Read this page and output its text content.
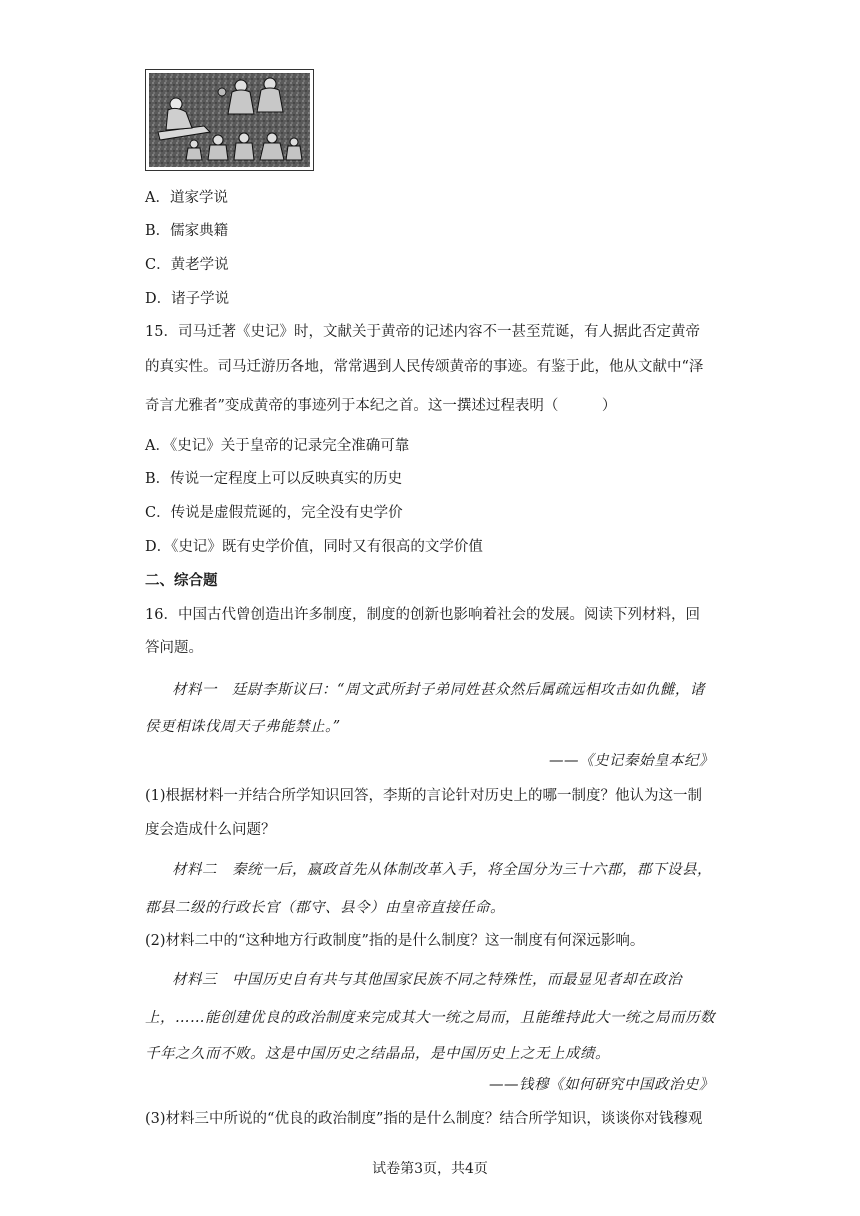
A．道家学说
B．儒家典籍
C．黄老学说
D．诸子学说
15．司马迁著《史记》时，文献关于黄帝的记述内容不一甚至荒诞，有人据此否定黄帝
的真实性。司马迁游历各地，常常遇到人民传颂黄帝的事迹。有鉴于此，他从文献中“泽
奇言尤雅者”变成黄帝的事迹列于本纪之首。这一撰述过程表明（　　　）
A．《史记》关于皇帝的记录完全准确可靠
B．传说一定程度上可以反映真实的历史
C．传说是虚假荒诞的，完全没有史学价
D．《史记》既有史学价值，同时又有很高的文学价值
二、综合题
16．中国古代曾创造出许多制度，制度的创新也影响着社会的发展。阅读下列材料，回
答问题。
材料一　廷尉李斯议曰：“周文武所封子弟同姓甚众然后属疏远相攻击如仇雠，诸
侯更相诛伐周天子弗能禁止。”
——《史记秦始皇本纪》
(1)根据材料一并结合所学知识回答，李斯的言论针对历史上的哪一制度？他认为这一制
度会造成什么问题？
材料二　秦统一后，嬴政首先从体制改革入手，将全国分为三十六郡，郡下设县，
郡县二级的行政长官（郡守、县令）由皇帝直接任命。
(2)材料二中的“这种地方行政制度”指的是什么制度？这一制度有何深远影响。
材料三　中国历史自有共与其他国家民族不同之特殊性，而最显见者却在政治
上，……能创建优良的政治制度来完成其大一统之局而，且能维持此大一统之局而历数
千年之久而不败。这是中国历史之结晶品，是中国历史上之无上成绩。
——钱穆《如何研究中国政治史》
(3)材料三中所说的“优良的政治制度”指的是什么制度？结合所学知识，谈谈你对钱穆观
试卷第3页，共4页
